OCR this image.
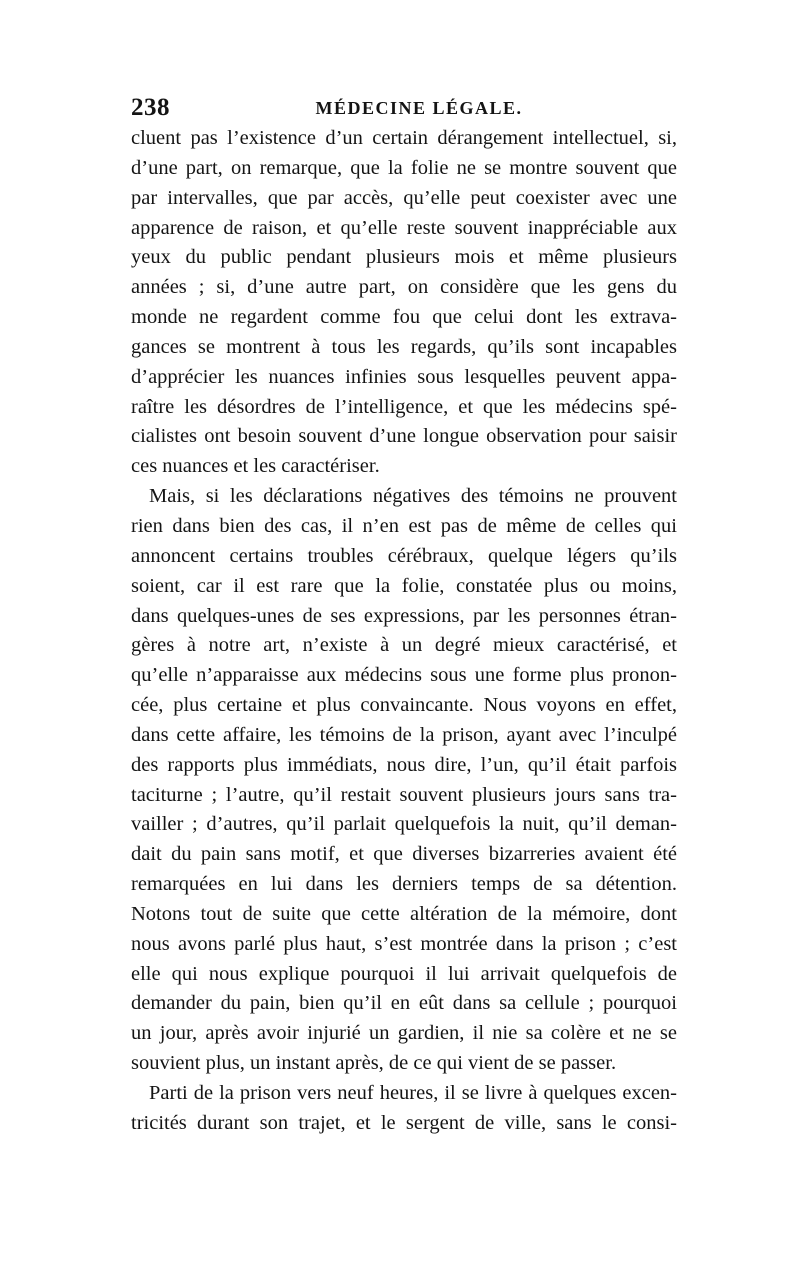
238	MÉDECINE LÉGALE.
cluent pas l’existence d’un certain dérangement intellectuel, si,
d’une part, on remarque, que la folie ne se montre souvent que
par intervalles, que par accès, qu’elle peut coexister avec une
apparence de raison, et qu’elle reste souvent inappréciable aux
yeux du public pendant plusieurs mois et même plusieurs
années ; si, d’une autre part, on considère que les gens du
monde ne regardent comme fou que celui dont les extrava-
gances se montrent à tous les regards, qu’ils sont incapables
d’apprécier les nuances infinies sous lesquelles peuvent appa-
raître les désordres de l’intelligence, et que les médecins spé-
cialistes ont besoin souvent d’une longue observation pour saisir
ces nuances et les caractériser.
Mais, si les déclarations négatives des témoins ne prouvent
rien dans bien des cas, il n’en est pas de même de celles qui
annoncent certains troubles cérébraux, quelque légers qu’ils
soient, car il est rare que la folie, constatée plus ou moins,
dans quelques-unes de ses expressions, par les personnes étran-
gères à notre art, n’existe à un degré mieux caractérisé, et
qu’elle n’apparaisse aux médecins sous une forme plus pronon-
cée, plus certaine et plus convaincante. Nous voyons en effet,
dans cette affaire, les témoins de la prison, ayant avec l’inculpé
des rapports plus immédiats, nous dire, l’un, qu’il était parfois
taciturne ; l’autre, qu’il restait souvent plusieurs jours sans tra-
vailler ; d’autres, qu’il parlait quelquefois la nuit, qu’il deman-
dait du pain sans motif, et que diverses bizarreries avaient été
remarquées en lui dans les derniers temps de sa détention.
Notons tout de suite que cette altération de la mémoire, dont
nous avons parlé plus haut, s’est montrée dans la prison ; c’est
elle qui nous explique pourquoi il lui arrivait quelquefois de
demander du pain, bien qu’il en eût dans sa cellule ; pourquoi
un jour, après avoir injurié un gardien, il nie sa colère et ne se
souvient plus, un instant après, de ce qui vient de se passer.
Parti de la prison vers neuf heures, il se livre à quelques excen-
tricités durant son trajet, et le sergent de ville, sans le consi-
